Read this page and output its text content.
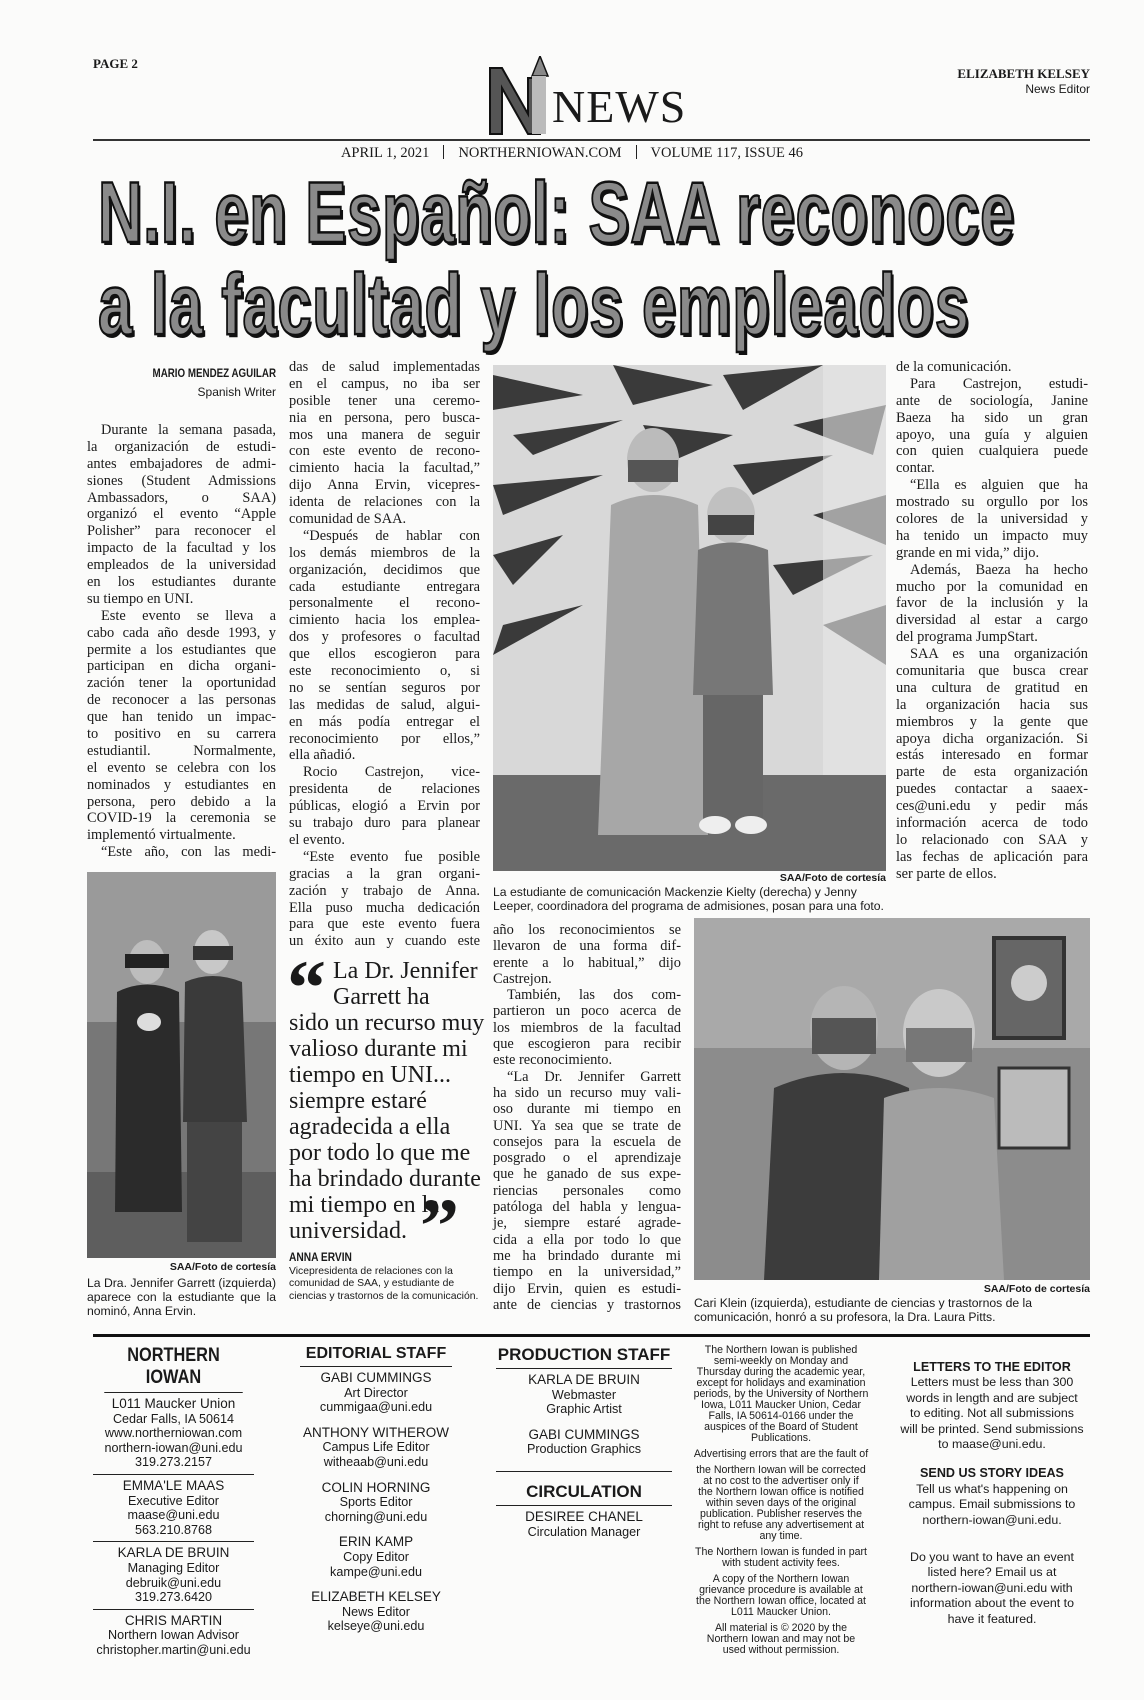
PAGE 2
NEWS
ELIZABETH KELSEY
News Editor
APRIL 1, 2021 NORTHERNIOWAN.COM VOLUME 117, ISSUE 46
N.I. en Español: SAA reconoce
a la facultad y los empleados
MARIO MENDEZ AGUILAR
Spanish Writer
Durante la semana pasada,
la organización de estudi-
antes embajadores de admi-
siones (Student Admissions
Ambassadors, o SAA)
organizó el evento “Apple
Polisher” para reconocer el
impacto de la facultad y los
empleados de la universidad
en los estudiantes durante
su tiempo en UNI.
Este evento se lleva a
cabo cada año desde 1993, y
permite a los estudiantes que
participan en dicha organi-
zación tener la oportunidad
de reconocer a las personas
que han tenido un impac-
to positivo en su carrera
estudiantil. Normalmente,
el evento se celebra con los
nominados y estudiantes en
persona, pero debido a la
COVID-19 la ceremonia se
implementó virtualmente.
“Este año, con las medi-
das de salud implementadas
en el campus, no iba ser
posible tener una ceremo-
nia en persona, pero busca-
mos una manera de seguir
con este evento de recono-
cimiento hacia la facultad,”
dijo Anna Ervin, vicepres-
identa de relaciones con la
comunidad de SAA.
“Después de hablar con
los demás miembros de la
organización, decidimos que
cada estudiante entregara
personalmente el recono-
cimiento hacia los emplea-
dos y profesores o facultad
que ellos escogieron para
este reconocimiento o, si
no se sentían seguros por
las medidas de salud, algui-
en más podía entregar el
reconocimiento por ellos,”
ella añadió.
Rocio Castrejon, vice-
presidenta de relaciones
públicas, elogió a Ervin por
su trabajo duro para planear
el evento.
“Este evento fue posible
gracias a la gran organi-
zación y trabajo de Anna.
Ella puso mucha dedicación
para que este evento fuera
un éxito aun y cuando este
año los reconocimientos se
llevaron de una forma dif-
erente a lo habitual,” dijo
Castrejon.
También, las dos com-
partieron un poco acerca de
los miembros de la facultad
que escogieron para recibir
este reconocimiento.
“La Dr. Jennifer Garrett
ha sido un recurso muy vali-
oso durante mi tiempo en
UNI. Ya sea que se trate de
consejos para la escuela de
posgrado o el aprendizaje
que he ganado de sus expe-
riencias personales como
patóloga del habla y lengua-
je, siempre estaré agrade-
cida a ella por todo lo que
me ha brindado durante mi
tiempo en la universidad,”
dijo Ervin, quien es estudi-
ante de ciencias y trastornos
de la comunicación.
Para Castrejon, estudi-
ante de sociología, Janine
Baeza ha sido un gran
apoyo, una guía y alguien
con quien cualquiera puede
contar.
“Ella es alguien que ha
mostrado su orgullo por los
colores de la universidad y
ha tenido un impacto muy
grande en mi vida,” dijo.
Además, Baeza ha hecho
mucho por la comunidad en
favor de la inclusión y la
diversidad al estar a cargo
del programa JumpStart.
SAA es una organización
comunitaria que busca crear
una cultura de gratitud en
la organización hacia sus
miembros y la gente que
apoya dicha organización. Si
estás interesado en formar
parte de esta organización
puedes contactar a saaex-
ces@uni.edu y pedir más
información acerca de todo
lo relacionado con SAA y
las fechas de aplicación para
ser parte de ellos.
SAA/Foto de cortesía
La Dra. Jennifer Garrett (izquierda) aparece con la estudiante que la nominó, Anna Ervin.
SAA/Foto de cortesía
La estudiante de comunicación Mackenzie Kielty (derecha) y Jenny Leeper, coordinadora del programa de admisiones, posan para una foto.
“ La Dr. Jennifer
Garrett ha
sido un recurso muy
valioso durante mi
tiempo en UNI...
siempre estaré
agradecida a ella
por todo lo que me
ha brindado durante
mi tiempo en la
universidad. ”
ANNA ERVIN
Vicepresidenta de relaciones con la comunidad de SAA, y estudiante de ciencias y trastornos de la comunicación.
SAA/Foto de cortesía
Cari Klein (izquierda), estudiante de ciencias y trastornos de la comunicación, honró a su profesora, la Dra. Laura Pitts.
NORTHERN IOWAN
L011 Maucker Union
Cedar Falls, IA 50614
www.northerniowan.com
northern-iowan@uni.edu
319.273.2157
EMMA'LE MAAS
Executive Editor
maase@uni.edu
563.210.8768
KARLA DE BRUIN
Managing Editor
debruik@uni.edu
319.273.6420
CHRIS MARTIN
Northern Iowan Advisor
christopher.martin@uni.edu
EDITORIAL STAFF
GABI CUMMINGS
Art Director
cummigaa@uni.edu
ANTHONY WITHEROW
Campus Life Editor
witheaab@uni.edu
COLIN HORNING
Sports Editor
chorning@uni.edu
ERIN KAMP
Copy Editor
kampe@uni.edu
ELIZABETH KELSEY
News Editor
kelseye@uni.edu
PRODUCTION STAFF
KARLA DE BRUIN
Webmaster
Graphic Artist
GABI CUMMINGS
Production Graphics
CIRCULATION
DESIREE CHANEL
Circulation Manager
The Northern Iowan is published
semi-weekly on Monday and
Thursday during the academic year,
except for holidays and examination
periods, by the University of Northern
Iowa, L011 Maucker Union, Cedar
Falls, IA 50614-0166 under the
auspices of the Board of Student
Publications.
Advertising errors that are the fault of
the Northern Iowan will be corrected
at no cost to the advertiser only if
the Northern Iowan office is notified
within seven days of the original
publication. Publisher reserves the
right to refuse any advertisement at
any time.
The Northern Iowan is funded in part
with student activity fees.
A copy of the Northern Iowan
grievance procedure is available at
the Northern Iowan office, located at
L011 Maucker Union.
All material is © 2020 by the
Northern Iowan and may not be
used without permission.
LETTERS TO THE EDITOR
Letters must be less than 300
words in length and are subject
to editing. Not all submissions
will be printed. Send submissions
to maase@uni.edu.
SEND US STORY IDEAS
Tell us what's happening on
campus. Email submissions to
northern-iowan@uni.edu.
Do you want to have an event
listed here? Email us at
northern-iowan@uni.edu with
information about the event to
have it featured.
